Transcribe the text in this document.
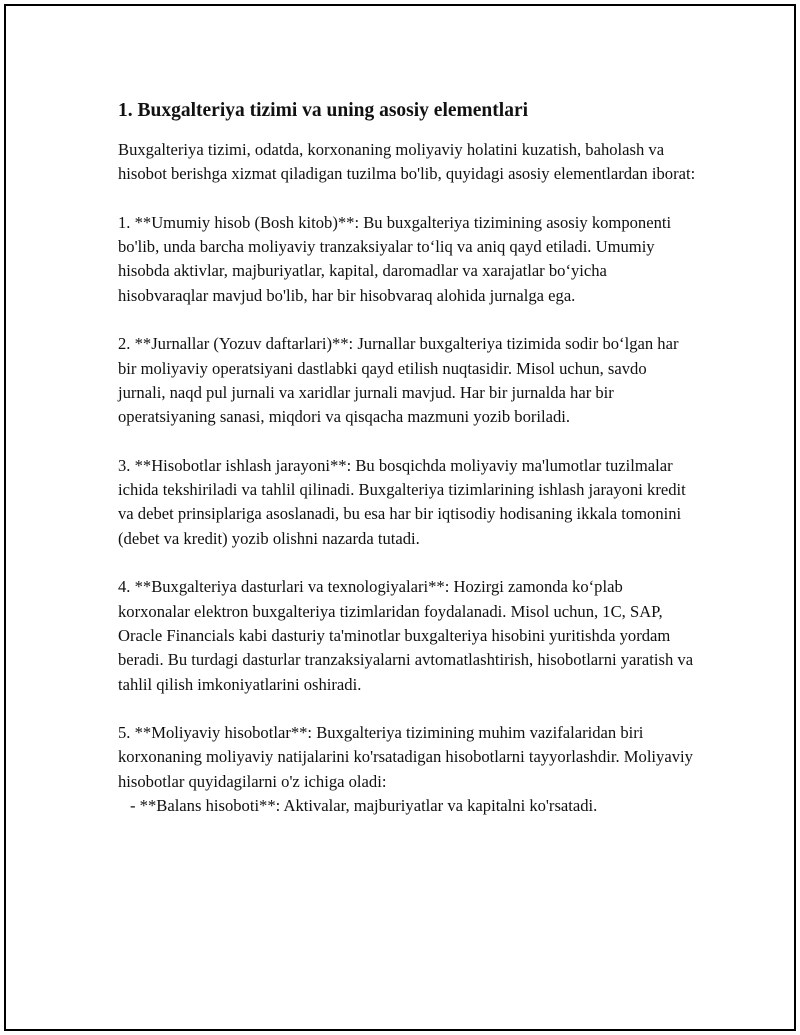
1. Buxgalteriya tizimi va uning asosiy elementlari

Buxgalteriya tizimi, odatda, korxonaning moliyaviy holatini kuzatish, baholash va hisobot berishga xizmat qiladigan tuzilma bo'lib, quyidagi asosiy elementlardan iborat:

1. **Umumiy hisob (Bosh kitob)**: Bu buxgalteriya tizimining asosiy komponenti bo'lib, unda barcha moliyaviy tranzaksiyalar to‘liq va aniq qayd etiladi. Umumiy hisobda aktivlar, majburiyatlar, kapital, daromadlar va xarajatlar bo‘yicha hisobvaraqlar mavjud bo'lib, har bir hisobvaraq alohida jurnalga ega.

2. **Jurnallar (Yozuv daftarlari)**: Jurnallar buxgalteriya tizimida sodir bo‘lgan har bir moliyaviy operatsiyani dastlabki qayd etilish nuqtasidir. Misol uchun, savdo jurnali, naqd pul jurnali va xaridlar jurnali mavjud. Har bir jurnalda har bir operatsiyaning sanasi, miqdori va qisqacha mazmuni yozib boriladi.

3. **Hisobotlar ishlash jarayoni**: Bu bosqichda moliyaviy ma'lumotlar tuzilmalar ichida tekshiriladi va tahlil qilinadi. Buxgalteriya tizimlarining ishlash jarayoni kredit va debet prinsiplariga asoslanadi, bu esa har bir iqtisodiy hodisaning ikkala tomonini (debet va kredit) yozib olishni nazarda tutadi.

4. **Buxgalteriya dasturlari va texnologiyalari**: Hozirgi zamonda ko‘plab korxonalar elektron buxgalteriya tizimlaridan foydalanadi. Misol uchun, 1C, SAP, Oracle Financials kabi dasturiy ta'minotlar buxgalteriya hisobini yuritishda yordam beradi. Bu turdagi dasturlar tranzaksiyalarni avtomatlashtirish, hisobotlarni yaratish va tahlil qilish imkoniyatlarini oshiradi.

5. **Moliyaviy hisobotlar**: Buxgalteriya tizimining muhim vazifalaridan biri korxonaning moliyaviy natijalarini ko'rsatadigan hisobotlarni tayyorlashdir. Moliyaviy hisobotlar quyidagilarni o'z ichiga oladi:

- **Balans hisoboti**: Aktivalar, majburiyatlar va kapitalni ko'rsatadi.
